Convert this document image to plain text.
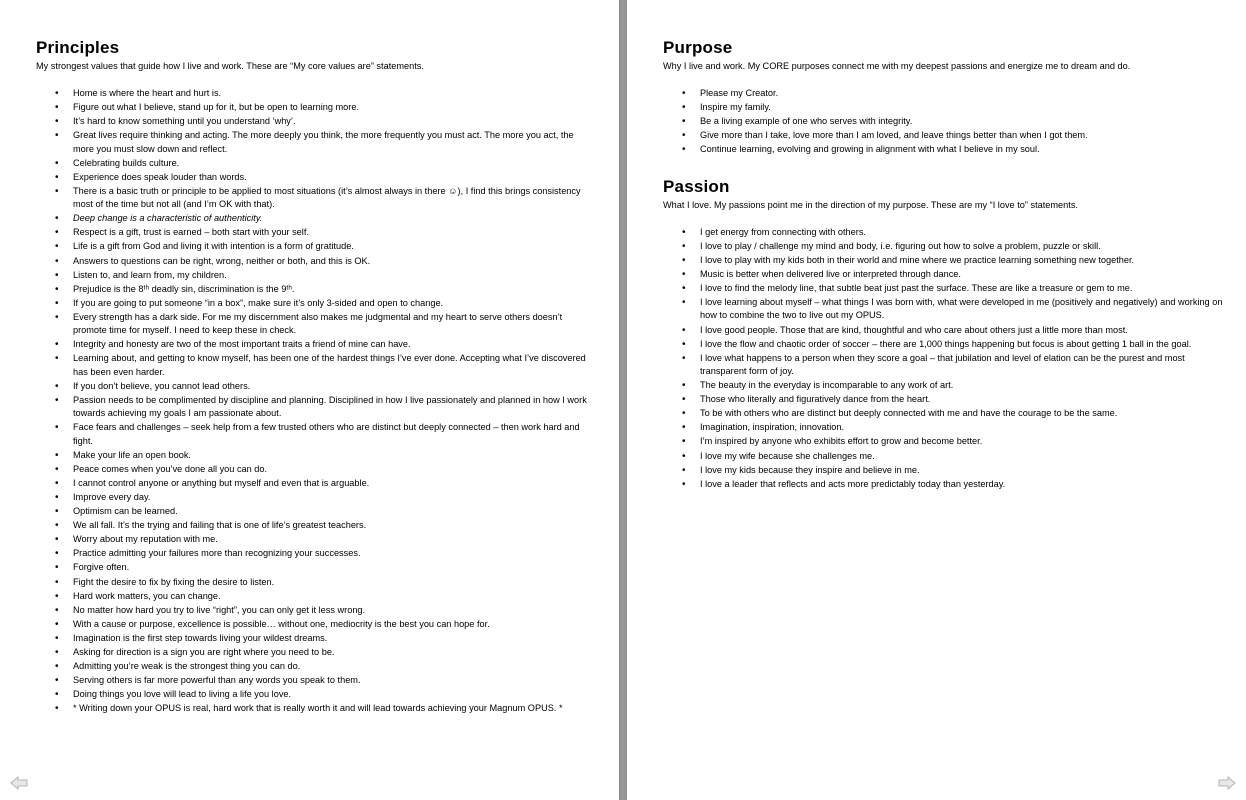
Principles
My strongest values that guide how I live and work. These are “My core values are” statements.
• Home is where the heart and hurt is.
• Figure out what I believe, stand up for it, but be open to learning more.
• It’s hard to know something until you understand ‘why’.
• Great lives require thinking and acting. The more deeply you think, the more frequently you must act. The more you act, the more you must slow down and reflect.
• Celebrating builds culture.
• Experience does speak louder than words.
• There is a basic truth or principle to be applied to most situations (it’s almost always in there ☺), I find this brings consistency most of the time but not all (and I’m OK with that).
• Deep change is a characteristic of authenticity.
• Respect is a gift, trust is earned – both start with your self.
• Life is a gift from God and living it with intention is a form of gratitude.
• Answers to questions can be right, wrong, neither or both, and this is OK.
• Listen to, and learn from, my children.
• Prejudice is the 8ᵗʰ deadly sin, discrimination is the 9ᵗʰ.
• If you are going to put someone “in a box”, make sure it’s only 3-sided and open to change.
• Every strength has a dark side. For me my discernment also makes me judgmental and my heart to serve others doesn’t promote time for myself. I need to keep these in check.
• Integrity and honesty are two of the most important traits a friend of mine can have.
• Learning about, and getting to know myself, has been one of the hardest things I’ve ever done. Accepting what I’ve discovered has been even harder.
• If you don’t believe, you cannot lead others.
• Passion needs to be complimented by discipline and planning. Disciplined in how I live passionately and planned in how I work towards achieving my goals I am passionate about.
• Face fears and challenges – seek help from a few trusted others who are distinct but deeply connected – then work hard and fight.
• Make your life an open book.
• Peace comes when you’ve done all you can do.
• I cannot control anyone or anything but myself and even that is arguable.
• Improve every day.
• Optimism can be learned.
• We all fall. It’s the trying and failing that is one of life’s greatest teachers.
• Worry about my reputation with me.
• Practice admitting your failures more than recognizing your successes.
• Forgive often.
• Fight the desire to fix by fixing the desire to listen.
• Hard work matters, you can change.
• No matter how hard you try to live “right”, you can only get it less wrong.
• With a cause or purpose, excellence is possible… without one, mediocrity is the best you can hope for.
• Imagination is the first step towards living your wildest dreams.
• Asking for direction is a sign you are right where you need to be.
• Admitting you’re weak is the strongest thing you can do.
• Serving others is far more powerful than any words you speak to them.
• Doing things you love will lead to living a life you love.
• * Writing down your OPUS is real, hard work that is really worth it and will lead towards achieving your Magnum OPUS. *
Purpose
Why I live and work. My CORE purposes connect me with my deepest passions and energize me to dream and do.
• Please my Creator.
• Inspire my family.
• Be a living example of one who serves with integrity.
• Give more than I take, love more than I am loved, and leave things better than when I got them.
• Continue learning, evolving and growing in alignment with what I believe in my soul.
Passion
What I love. My passions point me in the direction of my purpose. These are my “I love to” statements.
• I get energy from connecting with others.
• I love to play / challenge my mind and body, i.e. figuring out how to solve a problem, puzzle or skill.
• I love to play with my kids both in their world and mine where we practice learning something new together.
• Music is better when delivered live or interpreted through dance.
• I love to find the melody line, that subtle beat just past the surface. These are like a treasure or gem to me.
• I love learning about myself – what things I was born with, what were developed in me (positively and negatively) and working on how to combine the two to live out my OPUS.
• I love good people. Those that are kind, thoughtful and who care about others just a little more than most.
• I love the flow and chaotic order of soccer – there are 1,000 things happening but focus is about getting 1 ball in the goal.
• I love what happens to a person when they score a goal – that jubilation and level of elation can be the purest and most transparent form of joy.
• The beauty in the everyday is incomparable to any work of art.
• Those who literally and figuratively dance from the heart.
• To be with others who are distinct but deeply connected with me and have the courage to be the same.
• Imagination, inspiration, innovation.
• I’m inspired by anyone who exhibits effort to grow and become better.
• I love my wife because she challenges me.
• I love my kids because they inspire and believe in me.
• I love a leader that reflects and acts more predictably today than yesterday.
